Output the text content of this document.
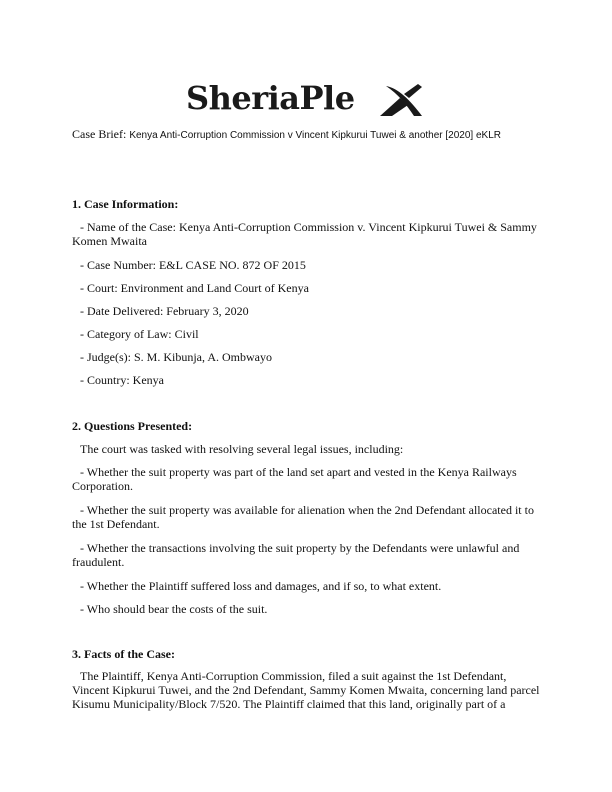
SheriaPle
Case Brief: Kenya Anti-Corruption Commission v Vincent Kipkurui Tuwei & another [2020] eKLR
1. Case Information:
- Name of the Case: Kenya Anti-Corruption Commission v. Vincent Kipkurui Tuwei & Sammy Komen Mwaita
- Case Number: E&L CASE NO. 872 OF 2015
- Court: Environment and Land Court of Kenya
- Date Delivered: February 3, 2020
- Category of Law: Civil
- Judge(s): S. M. Kibunja, A. Ombwayo
- Country: Kenya
2. Questions Presented:
The court was tasked with resolving several legal issues, including:
- Whether the suit property was part of the land set apart and vested in the Kenya Railways Corporation.
- Whether the suit property was available for alienation when the 2nd Defendant allocated it to the 1st Defendant.
- Whether the transactions involving the suit property by the Defendants were unlawful and fraudulent.
- Whether the Plaintiff suffered loss and damages, and if so, to what extent.
- Who should bear the costs of the suit.
3. Facts of the Case:
The Plaintiff, Kenya Anti-Corruption Commission, filed a suit against the 1st Defendant, Vincent Kipkurui Tuwei, and the 2nd Defendant, Sammy Komen Mwaita, concerning land parcel Kisumu Municipality/Block 7/520. The Plaintiff claimed that this land, originally part of a
